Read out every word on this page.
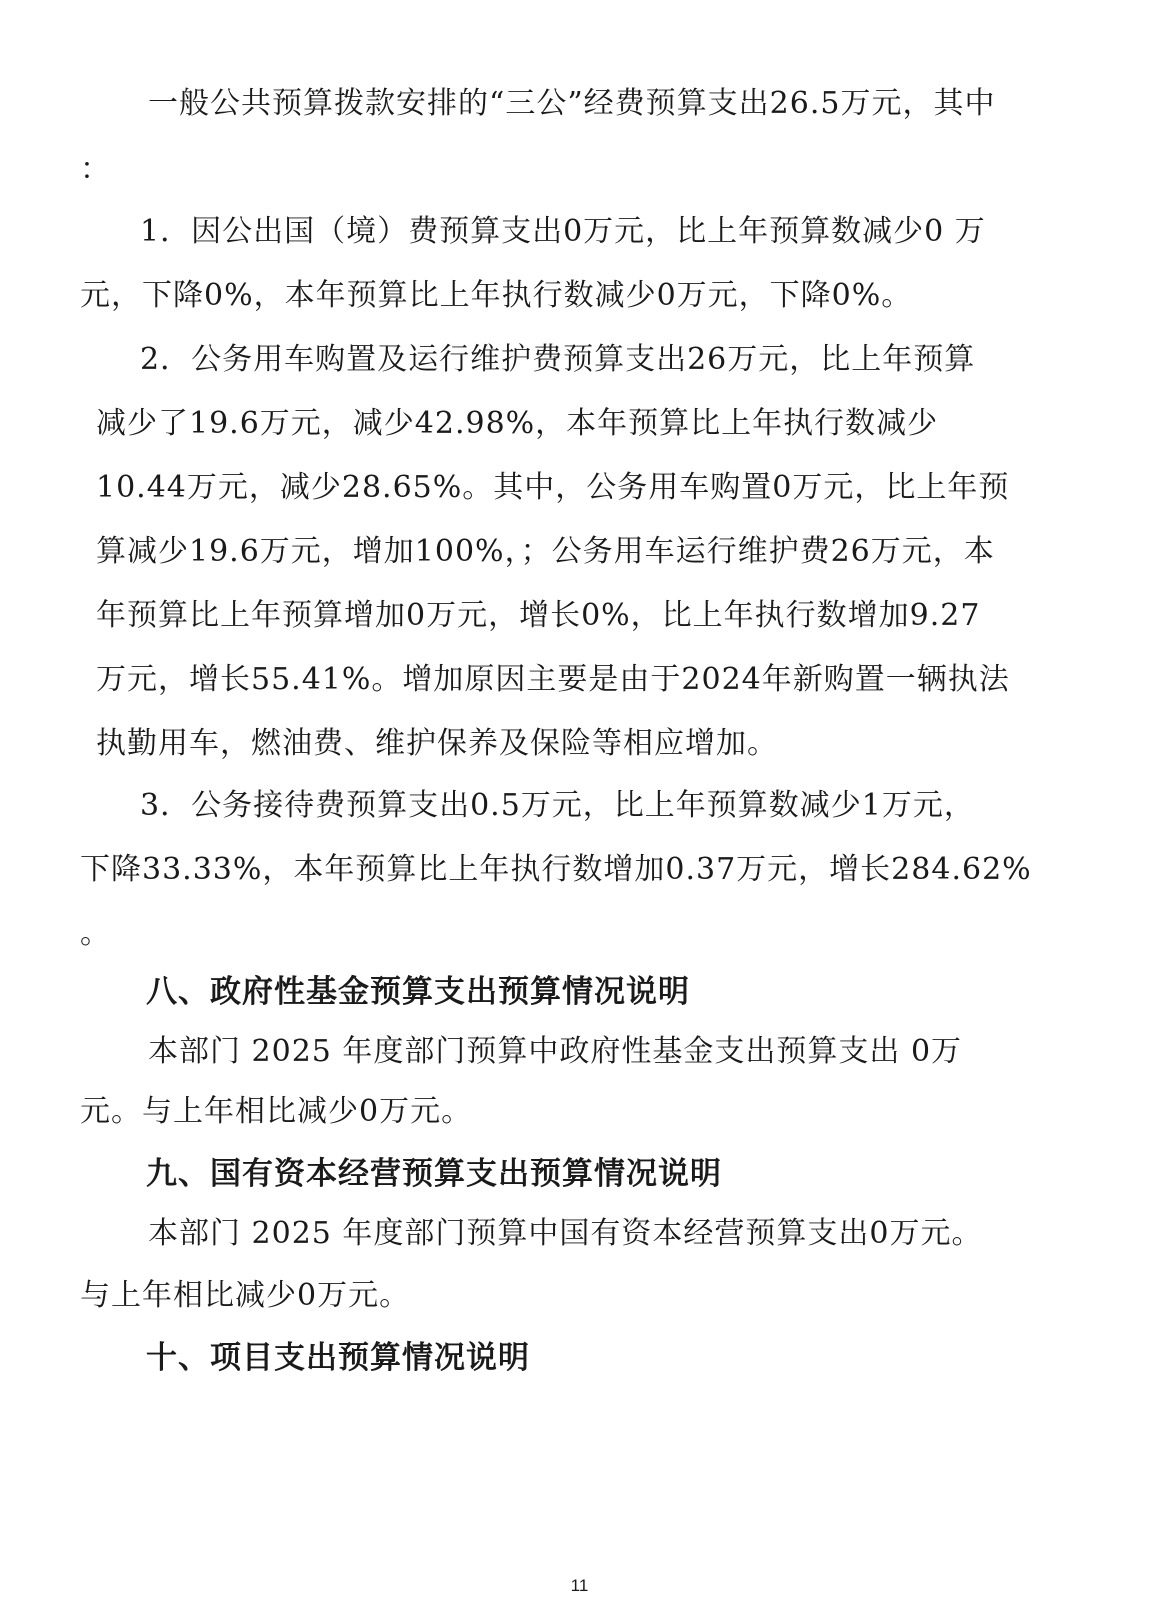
一般公共预算拨款安排的“三公”经费预算支出26.5万元，其中
：
1．因公出国（境）费预算支出0万元，比上年预算数减少0 万
元，下降0%，本年预算比上年执行数减少0万元，下降0%。
2．公务用车购置及运行维护费预算支出26万元，比上年预算
减少了19.6万元，减少42.98%，本年预算比上年执行数减少
10.44万元，减少28.65%。其中，公务用车购置0万元，比上年预
算减少19.6万元，增加100%，；公务用车运行维护费26万元，本
年预算比上年预算增加0万元，增长0%，比上年执行数增加9.27
万元，增长55.41%。增加原因主要是由于2024年新购置一辆执法
执勤用车，燃油费、维护保养及保险等相应增加。
3．公务接待费预算支出0.5万元，比上年预算数减少1万元，
下降33.33%，本年预算比上年执行数增加0.37万元，增长284.62%
。
八、政府性基金预算支出预算情况说明
本部门 2025 年度部门预算中政府性基金支出预算支出 0万
元。与上年相比减少0万元。
九、国有资本经营预算支出预算情况说明
本部门 2025 年度部门预算中国有资本经营预算支出0万元。
与上年相比减少0万元。
十、项目支出预算情况说明
11
